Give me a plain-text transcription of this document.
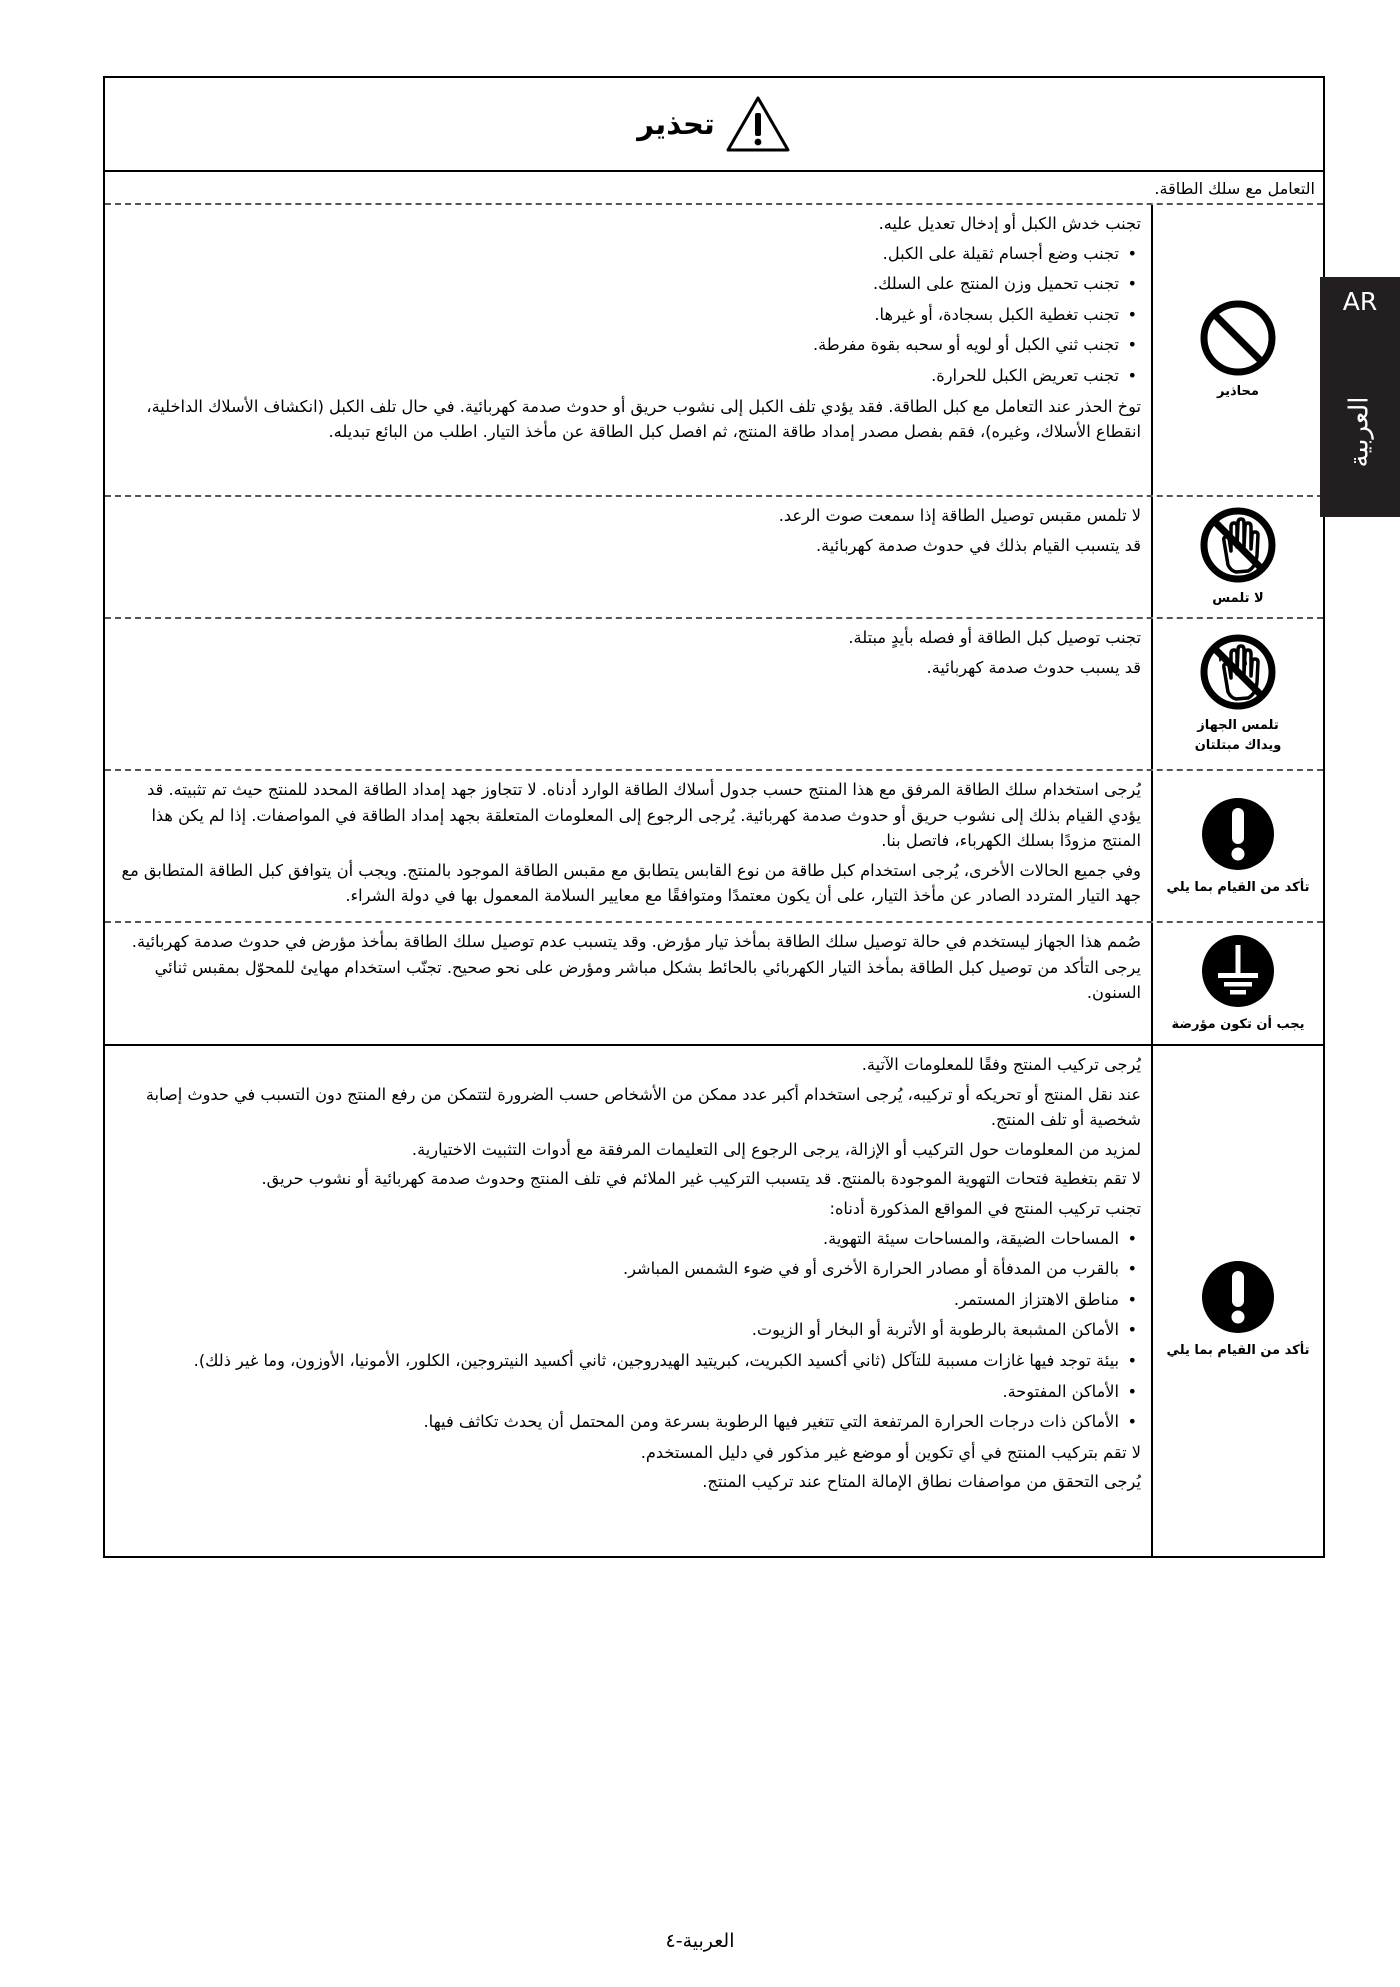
تحذير
التعامل مع سلك الطاقة.
محاذير

تجنب خدش الكبل أو إدخال تعديل عليه.

• تجنب وضع أجسام ثقيلة على الكبل.
• تجنب تحميل وزن المنتج على السلك.
• تجنب تغطية الكبل بسجادة، أو غيرها.
• تجنب ثني الكبل أو لويه أو سحبه بقوة مفرطة.
• تجنب تعريض الكبل للحرارة.

توخ الحذر عند التعامل مع كبل الطاقة. فقد يؤدي تلف الكبل إلى نشوب حريق أو حدوث صدمة كهربائية. في حال تلف الكبل (انكشاف الأسلاك الداخلية، انقطاع الأسلاك، وغيره)، فقم بفصل مصدر إمداد طاقة المنتج، ثم افصل كبل الطاقة عن مأخذ التيار. اطلب من البائع تبديله.

لا تلمس

لا تلمس مقبس توصيل الطاقة إذا سمعت صوت الرعد.

قد يتسبب القيام بذلك في حدوث صدمة كهربائية.

تلمس الجهاز
ويداك مبتلتان

تجنب توصيل كبل الطاقة أو فصله بأيدٍ مبتلة.

قد يسبب حدوث صدمة كهربائية.

تأكد من القيام بما يلي

يُرجى استخدام سلك الطاقة المرفق مع هذا المنتج حسب جدول أسلاك الطاقة الوارد أدناه. لا تتجاوز جهد إمداد الطاقة المحدد للمنتج حيث تم تثبيته. قد يؤدي القيام بذلك إلى نشوب حريق أو حدوث صدمة كهربائية. يُرجى الرجوع إلى المعلومات المتعلقة بجهد إمداد الطاقة في المواصفات. إذا لم يكن هذا المنتج مزودًا بسلك الكهرباء، فاتصل بنا.

وفي جميع الحالات الأخرى، يُرجى استخدام كبل طاقة من نوع القابس يتطابق مع مقبس الطاقة الموجود بالمنتج. ويجب أن يتوافق كبل الطاقة المتطابق مع جهد التيار المتردد الصادر عن مأخذ التيار، على أن يكون معتمدًا ومتوافقًا مع معايير السلامة المعمول بها في دولة الشراء.

يجب أن تكون مؤرضة

صُمم هذا الجهاز ليستخدم في حالة توصيل سلك الطاقة بمأخذ تيار مؤرض. وقد يتسبب عدم توصيل سلك الطاقة بمأخذ مؤرض في حدوث صدمة كهربائية. يرجى التأكد من توصيل كبل الطاقة بمأخذ التيار الكهربائي بالحائط بشكل مباشر ومؤرض على نحو صحيح. تجنّب استخدام مهايئ للمحوّل بمقبس ثنائي السنون.

تأكد من القيام بما يلي

يُرجى تركيب المنتج وفقًا للمعلومات الآتية.

عند نقل المنتج أو تحريكه أو تركيبه، يُرجى استخدام أكبر عدد ممكن من الأشخاص حسب الضرورة لتتمكن من رفع المنتج دون التسبب في حدوث إصابة شخصية أو تلف المنتج.

لمزيد من المعلومات حول التركيب أو الإزالة، يرجى الرجوع إلى التعليمات المرفقة مع أدوات التثبيت الاختيارية.

لا تقم بتغطية فتحات التهوية الموجودة بالمنتج. قد يتسبب التركيب غير الملائم في تلف المنتج وحدوث صدمة كهربائية أو نشوب حريق.

تجنب تركيب المنتج في المواقع المذكورة أدناه:

• المساحات الضيقة، والمساحات سيئة التهوية.
• بالقرب من المدفأة أو مصادر الحرارة الأخرى أو في ضوء الشمس المباشر.
• مناطق الاهتزاز المستمر.
• الأماكن المشبعة بالرطوبة أو الأتربة أو البخار أو الزيوت.
• بيئة توجد فيها غازات مسببة للتآكل (ثاني أكسيد الكبريت، كبريتيد الهيدروجين، ثاني أكسيد النيتروجين، الكلور، الأمونيا، الأوزون، وما غير ذلك).
• الأماكن المفتوحة.
• الأماكن ذات درجات الحرارة المرتفعة التي تتغير فيها الرطوبة بسرعة ومن المحتمل أن يحدث تكاثف فيها.

لا تقم بتركيب المنتج في أي تكوين أو موضع غير مذكور في دليل المستخدم.

يُرجى التحقق من مواصفات نطاق الإمالة المتاح عند تركيب المنتج.

AR
العربية
العربية-٤
